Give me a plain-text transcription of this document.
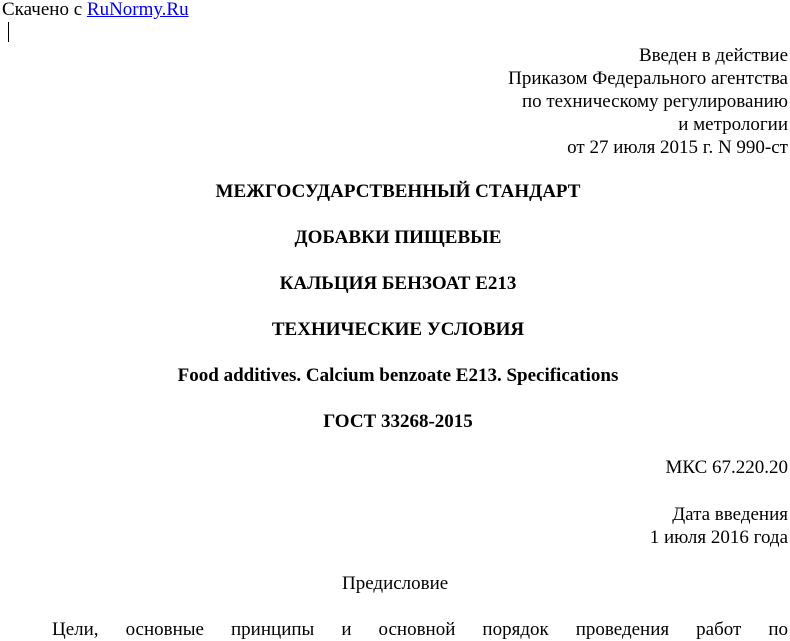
Скачено с RuNormy.Ru
Введен в действие
Приказом Федерального агентства
по техническому регулированию
и метрологии
от 27 июля 2015 г. N 990-ст
МЕЖГОСУДАРСТВЕННЫЙ СТАНДАРТ
ДОБАВКИ ПИЩЕВЫЕ
КАЛЬЦИЯ БЕНЗОАТ E213
ТЕХНИЧЕСКИЕ УСЛОВИЯ
Food additives. Calcium benzoate E213. Specifications
ГОСТ 33268-2015
МКС 67.220.20
Дата введения
1 июля 2016 года
Предисловие
Цели, основные принципы и основной порядок проведения работ по
